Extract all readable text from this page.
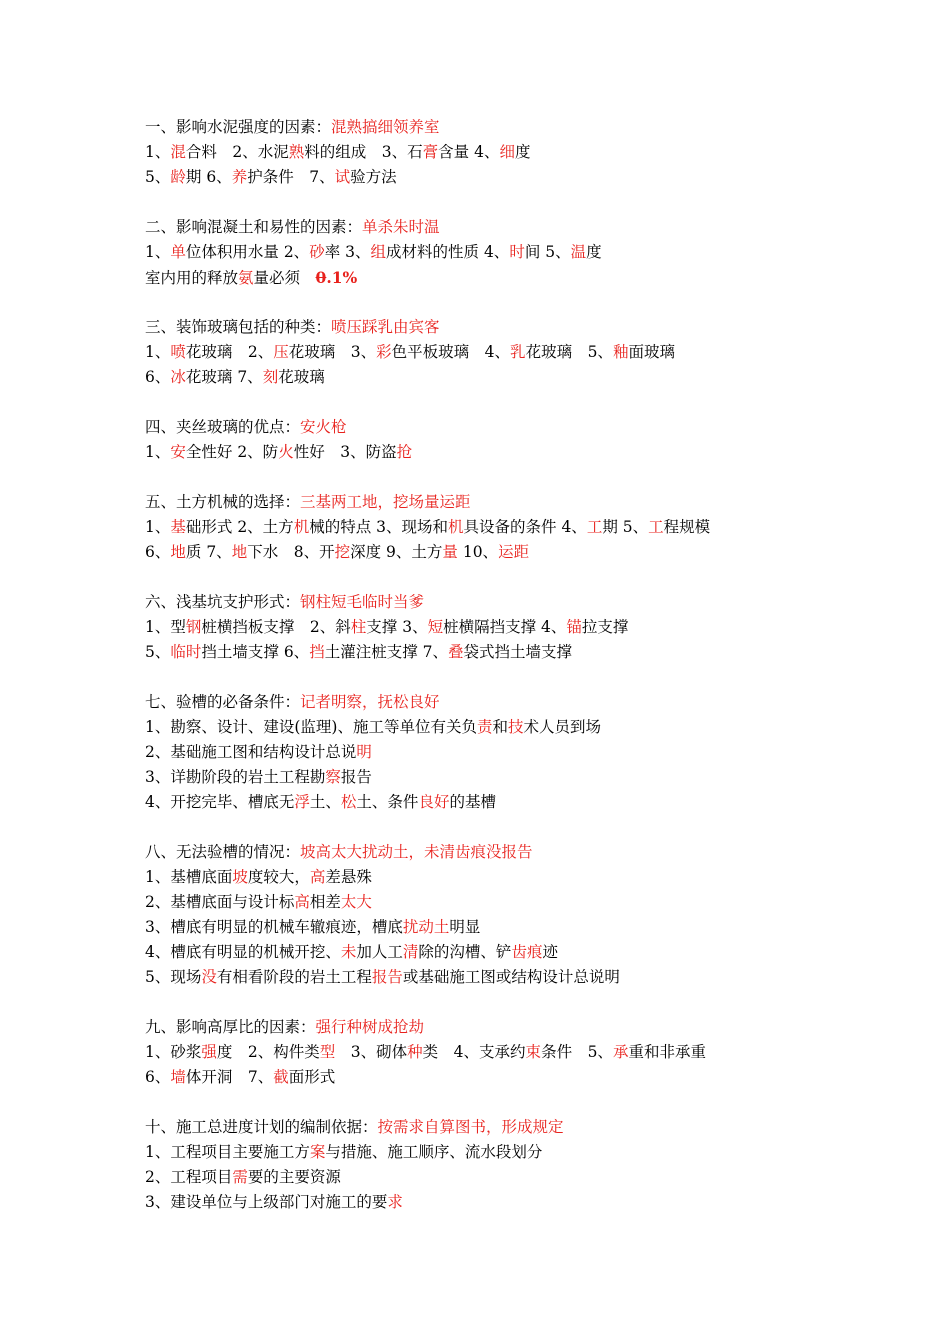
一、影响水泥强度的因素：混熟搞细领养室
1、混合料　2、水泥熟料的组成　3、石膏含量 4、细度
5、龄期 6、养护条件　7、试验方法
二、影响混凝土和易性的因素：单杀朱时温
1、单位体积用水量 2、砂率 3、组成材料的性质 4、时间 5、温度
室内用的释放氨量必须　0.1%
三、装饰玻璃包括的种类：喷压踩乳由宾客
1、喷花玻璃　2、压花玻璃　3、彩色平板玻璃　4、乳花玻璃　5、釉面玻璃
6、冰花玻璃 7、刻花玻璃
四、夹丝玻璃的优点：安火枪
1、安全性好 2、防火性好　3、防盗抢
五、土方机械的选择：三基两工地，挖场量运距
1、基础形式 2、土方机械的特点 3、现场和机具设备的条件 4、工期 5、工程规模
6、地质 7、地下水　8、开挖深度 9、土方量 10、运距
六、浅基坑支护形式：钢柱短毛临时当爹
1、型钢桩横挡板支撑　2、斜柱支撑 3、短桩横隔挡支撑 4、锚拉支撑
5、临时挡土墙支撑 6、挡土灌注桩支撑 7、叠袋式挡土墙支撑
七、验槽的必备条件：记者明察，抚松良好
1、勘察、设计、建设(监理)、施工等单位有关负责和技术人员到场
2、基础施工图和结构设计总说明
3、详勘阶段的岩土工程勘察报告
4、开挖完毕、槽底无浮土、松土、条件良好的基槽
八、无法验槽的情况：坡高太大扰动土，未清齿痕没报告
1、基槽底面坡度较大，高差悬殊
2、基槽底面与设计标高相差太大
3、槽底有明显的机械车辙痕迹，槽底扰动土明显
4、槽底有明显的机械开挖、未加人工清除的沟槽、铲齿痕迹
5、现场没有相看阶段的岩土工程报告或基础施工图或结构设计总说明
九、影响高厚比的因素：强行种树成抢劫
1、砂浆强度　2、构件类型　3、砌体种类　4、支承约束条件　5、承重和非承重
6、墙体开洞　7、截面形式
十、施工总进度计划的编制依据：按需求自算图书，形成规定
1、工程项目主要施工方案与措施、施工顺序、流水段划分
2、工程项目需要的主要资源
3、建设单位与上级部门对施工的要求
